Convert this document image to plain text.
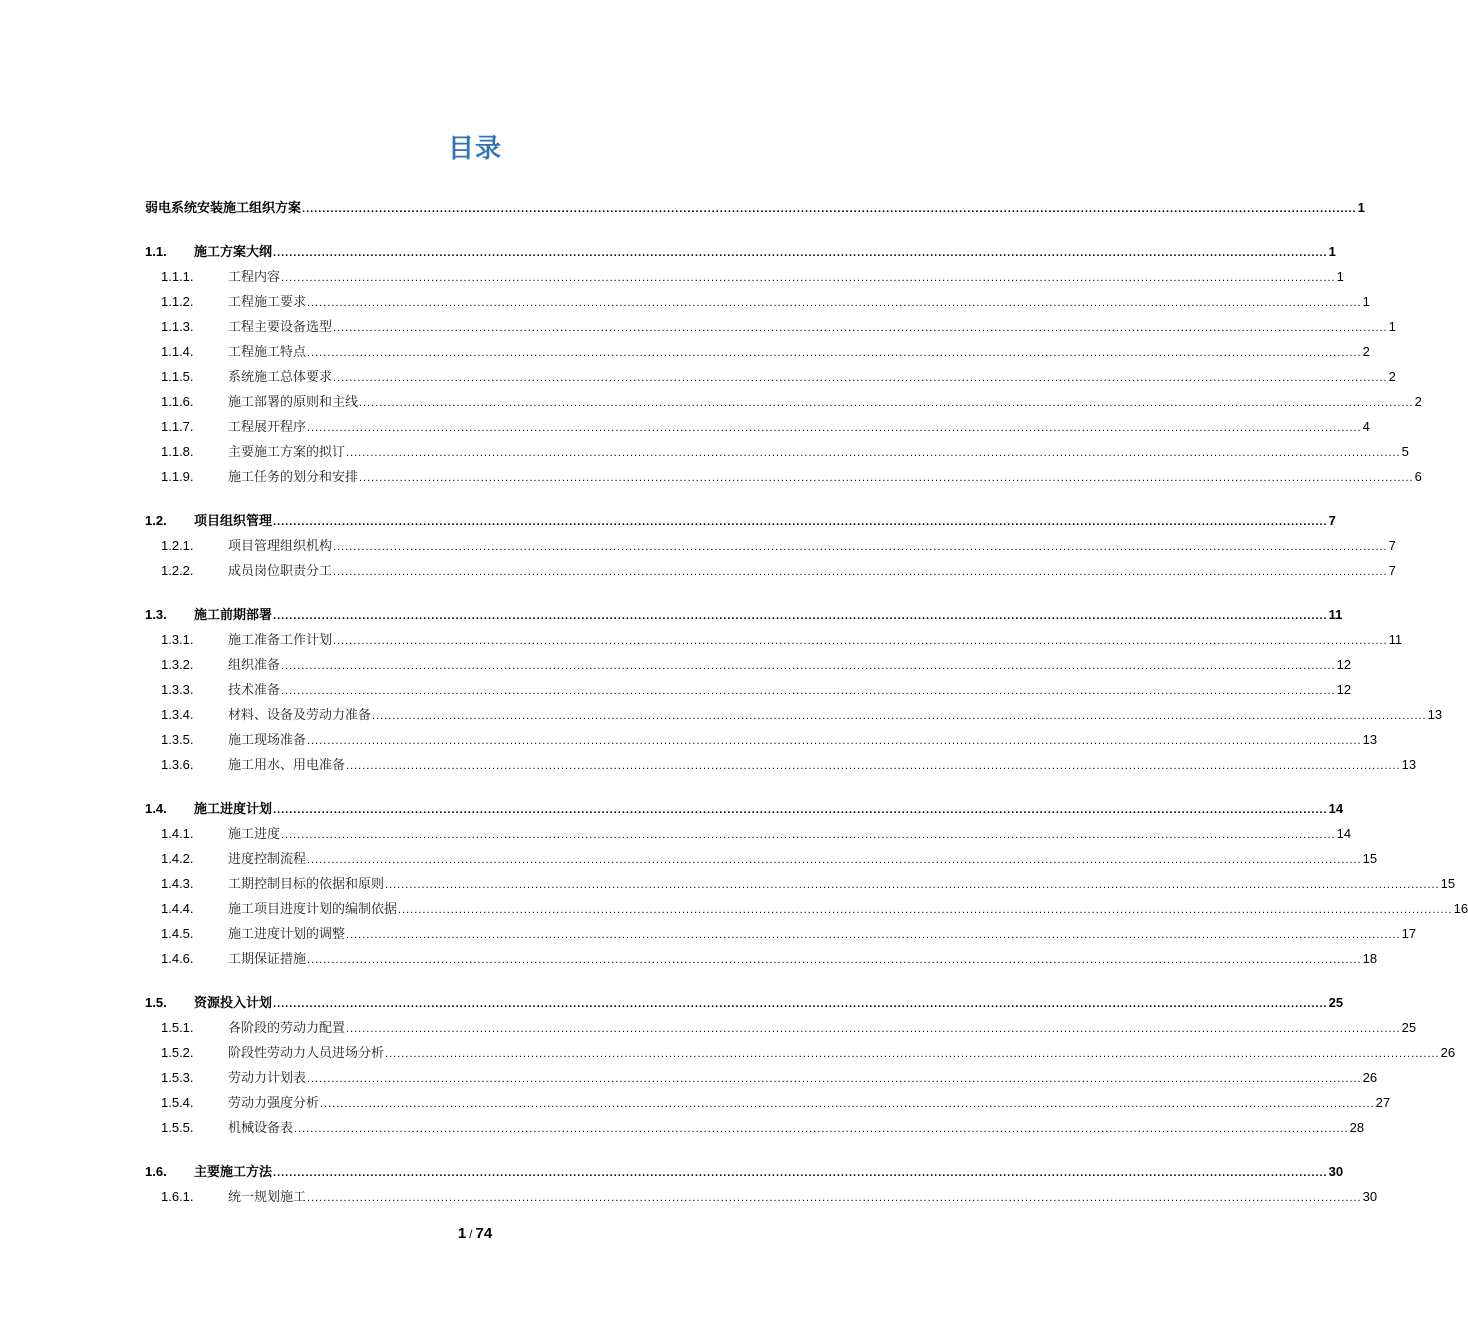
目录
弱电系统安装施工组织方案 .................................................................................................................................................................................................................................................................... 1
1.1.	施工方案大纲 .................................................................................................................................................................................................................................................................... 1
1.1.1.	工程内容 .................................................................................................................................................................................................................................................................... 1
1.1.2.	工程施工要求 .................................................................................................................................................................................................................................................................... 1
1.1.3.	工程主要设备选型 .................................................................................................................................................................................................................................................................... 1
1.1.4.	工程施工特点 .................................................................................................................................................................................................................................................................... 2
1.1.5.	系统施工总体要求 .................................................................................................................................................................................................................................................................... 2
1.1.6.	施工部署的原则和主线 .................................................................................................................................................................................................................................................................... 2
1.1.7.	工程展开程序 .................................................................................................................................................................................................................................................................... 4
1.1.8.	主要施工方案的拟订 .................................................................................................................................................................................................................................................................... 5
1.1.9.	施工任务的划分和安排 .................................................................................................................................................................................................................................................................... 6
1.2.	项目组织管理 .................................................................................................................................................................................................................................................................... 7
1.2.1.	项目管理组织机构 .................................................................................................................................................................................................................................................................... 7
1.2.2.	成员岗位职责分工 .................................................................................................................................................................................................................................................................... 7
1.3.	施工前期部署 .................................................................................................................................................................................................................................................................... 11
1.3.1.	施工准备工作计划 .................................................................................................................................................................................................................................................................... 11
1.3.2.	组织准备 .................................................................................................................................................................................................................................................................... 12
1.3.3.	技术准备 .................................................................................................................................................................................................................................................................... 12
1.3.4.	材料、设备及劳动力准备 .................................................................................................................................................................................................................................................................... 13
1.3.5.	施工现场准备 .................................................................................................................................................................................................................................................................... 13
1.3.6.	施工用水、用电准备 .................................................................................................................................................................................................................................................................... 13
1.4.	施工进度计划 .................................................................................................................................................................................................................................................................... 14
1.4.1.	施工进度 .................................................................................................................................................................................................................................................................... 14
1.4.2.	进度控制流程 .................................................................................................................................................................................................................................................................... 15
1.4.3.	工期控制目标的依据和原则 .................................................................................................................................................................................................................................................................... 15
1.4.4.	施工项目进度计划的编制依据 .................................................................................................................................................................................................................................................................... 16
1.4.5.	施工进度计划的调整 .................................................................................................................................................................................................................................................................... 17
1.4.6.	工期保证措施 .................................................................................................................................................................................................................................................................... 18
1.5.	资源投入计划 .................................................................................................................................................................................................................................................................... 25
1.5.1.	各阶段的劳动力配置 .................................................................................................................................................................................................................................................................... 25
1.5.2.	阶段性劳动力人员进场分析 .................................................................................................................................................................................................................................................................... 26
1.5.3.	劳动力计划表 .................................................................................................................................................................................................................................................................... 26
1.5.4.	劳动力强度分析 .................................................................................................................................................................................................................................................................... 27
1.5.5.	机械设备表 .................................................................................................................................................................................................................................................................... 28
1.6.	主要施工方法 .................................................................................................................................................................................................................................................................... 30
1.6.1.	统一规划施工 .................................................................................................................................................................................................................................................................... 30
1 / 74
